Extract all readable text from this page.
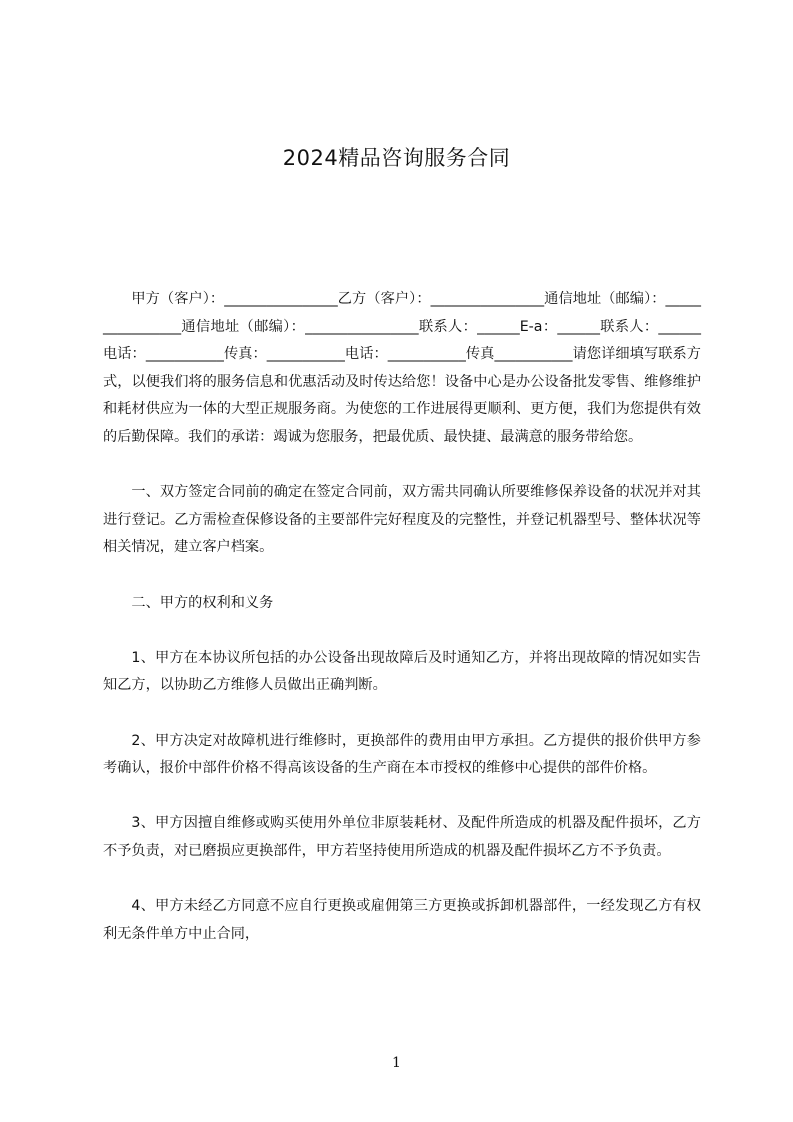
2024精品咨询服务合同

甲方（客户）：________________乙方（客户）：________________通信地址（邮编）：________________通信地址（邮编）：________________联系人：______E-a：______联系人：______电话：___________传真：___________电话：___________传真___________请您详细填写联系方式，以便我们将的服务信息和优惠活动及时传达给您！设备中心是办公设备批发零售、维修维护和耗材供应为一体的大型正规服务商。为使您的工作进展得更顺利、更方便，我们为您提供有效的后勤保障。我们的承诺：竭诚为您服务，把最优质、最快捷、最满意的服务带给您。

一、双方签定合同前的确定在签定合同前，双方需共同确认所要维修保养设备的状况并对其进行登记。乙方需检查保修设备的主要部件完好程度及的完整性，并登记机器型号、整体状况等相关情况，建立客户档案。

二、甲方的权利和义务

1、甲方在本协议所包括的办公设备出现故障后及时通知乙方，并将出现故障的情况如实告知乙方，以协助乙方维修人员做出正确判断。

2、甲方决定对故障机进行维修时，更换部件的费用由甲方承担。乙方提供的报价供甲方参考确认，报价中部件价格不得高该设备的生产商在本市授权的维修中心提供的部件价格。

3、甲方因擅自维修或购买使用外单位非原装耗材、及配件所造成的机器及配件损坏，乙方不予负责，对已磨损应更换部件，甲方若坚持使用所造成的机器及配件损坏乙方不予负责。

4、甲方未经乙方同意不应自行更换或雇佣第三方更换或拆卸机器部件，一经发现乙方有权利无条件单方中止合同，

1
